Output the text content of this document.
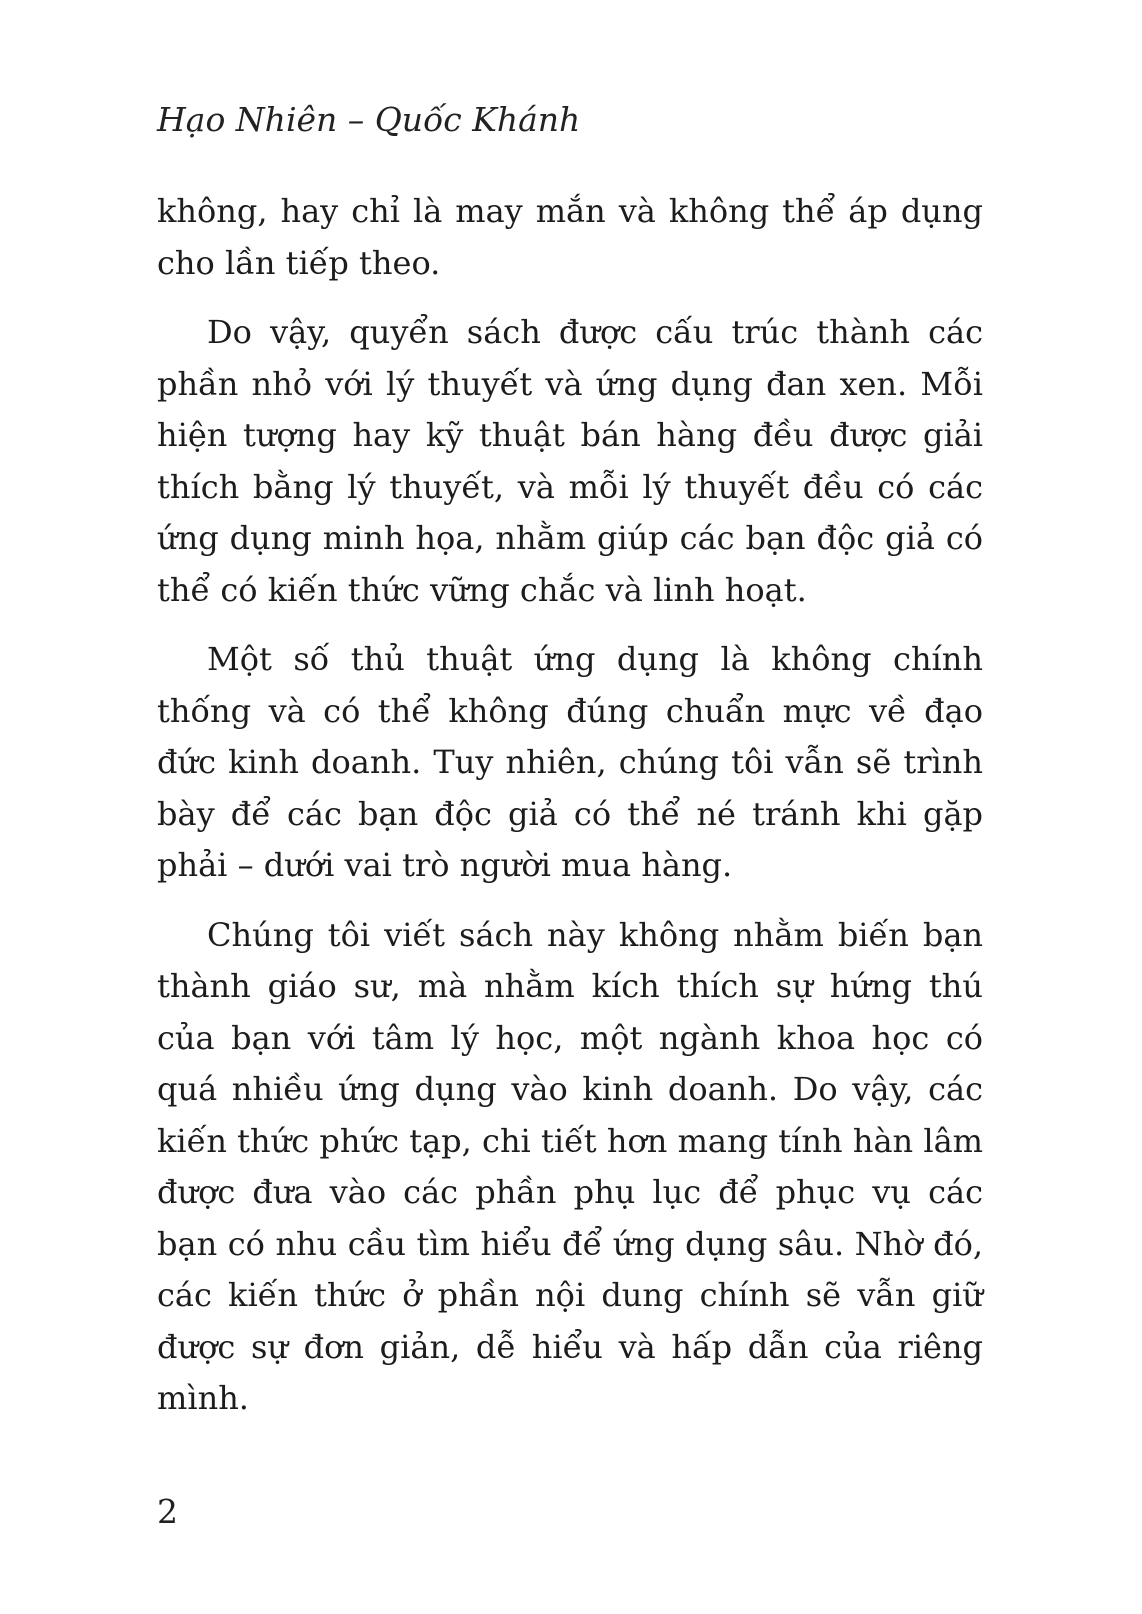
Hạo Nhiên – Quốc Khánh

không, hay chỉ là may mắn và không thể áp dụng cho lần tiếp theo.

Do vậy, quyển sách được cấu trúc thành các phần nhỏ với lý thuyết và ứng dụng đan xen. Mỗi hiện tượng hay kỹ thuật bán hàng đều được giải thích bằng lý thuyết, và mỗi lý thuyết đều có các ứng dụng minh họa, nhằm giúp các bạn độc giả có thể có kiến thức vững chắc và linh hoạt.

Một số thủ thuật ứng dụng là không chính thống và có thể không đúng chuẩn mực về đạo đức kinh doanh. Tuy nhiên, chúng tôi vẫn sẽ trình bày để các bạn độc giả có thể né tránh khi gặp phải – dưới vai trò người mua hàng.

Chúng tôi viết sách này không nhằm biến bạn thành giáo sư, mà nhằm kích thích sự hứng thú của bạn với tâm lý học, một ngành khoa học có quá nhiều ứng dụng vào kinh doanh. Do vậy, các kiến thức phức tạp, chi tiết hơn mang tính hàn lâm được đưa vào các phần phụ lục để phục vụ các bạn có nhu cầu tìm hiểu để ứng dụng sâu. Nhờ đó, các kiến thức ở phần nội dung chính sẽ vẫn giữ được sự đơn giản, dễ hiểu và hấp dẫn của riêng mình.

2
